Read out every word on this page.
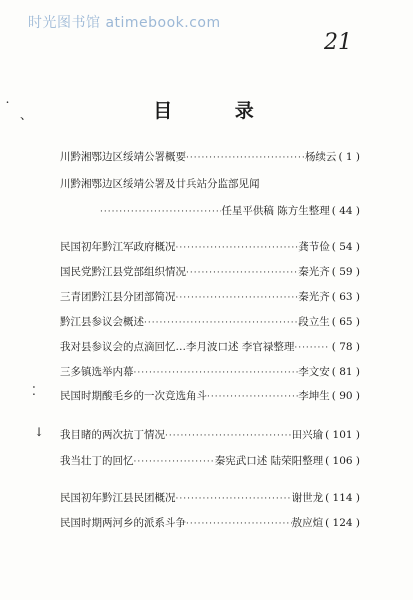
时光图书馆 atimebook.com
21
˙ 、
⁚
↓
目 录
川黔湘鄂边区绥靖公署概要 ·····	杨续云 ( 1 )
川黔湘鄂边区绥靖公署及廿兵站分监部见闻
·····
任星平供稿 陈方生整理 ( 44 )
民国初年黔江军政府概况 ·····	龚节俭 ( 54 )
国民党黔江县党部组织情况 ·····	秦光齐 ( 59 )
三青团黔江县分团部简况 ·····	秦光齐 ( 63 )
黔江县参议会概述 ·····	段立生 ( 65 )
我对县参议会的点滴回忆…李月波口述 李官禄整理 ·····	( 78 )
三多镇选举内幕 ·····	李文安 ( 81 )
民国时期酸毛乡的一次竞选角斗 ·····	李坤生 ( 90 )
我目睹的两次抗丁情况 ·····	田兴瑜 ( 101 )
我当壮丁的回忆 ·····	秦宪武口述 陆荣阳整理 ( 106 )
民国初年黔江县民团概况 ·····	谢世龙 ( 114 )
民国时期两河乡的派系斗争 ·····	敖应煊 ( 124 )
